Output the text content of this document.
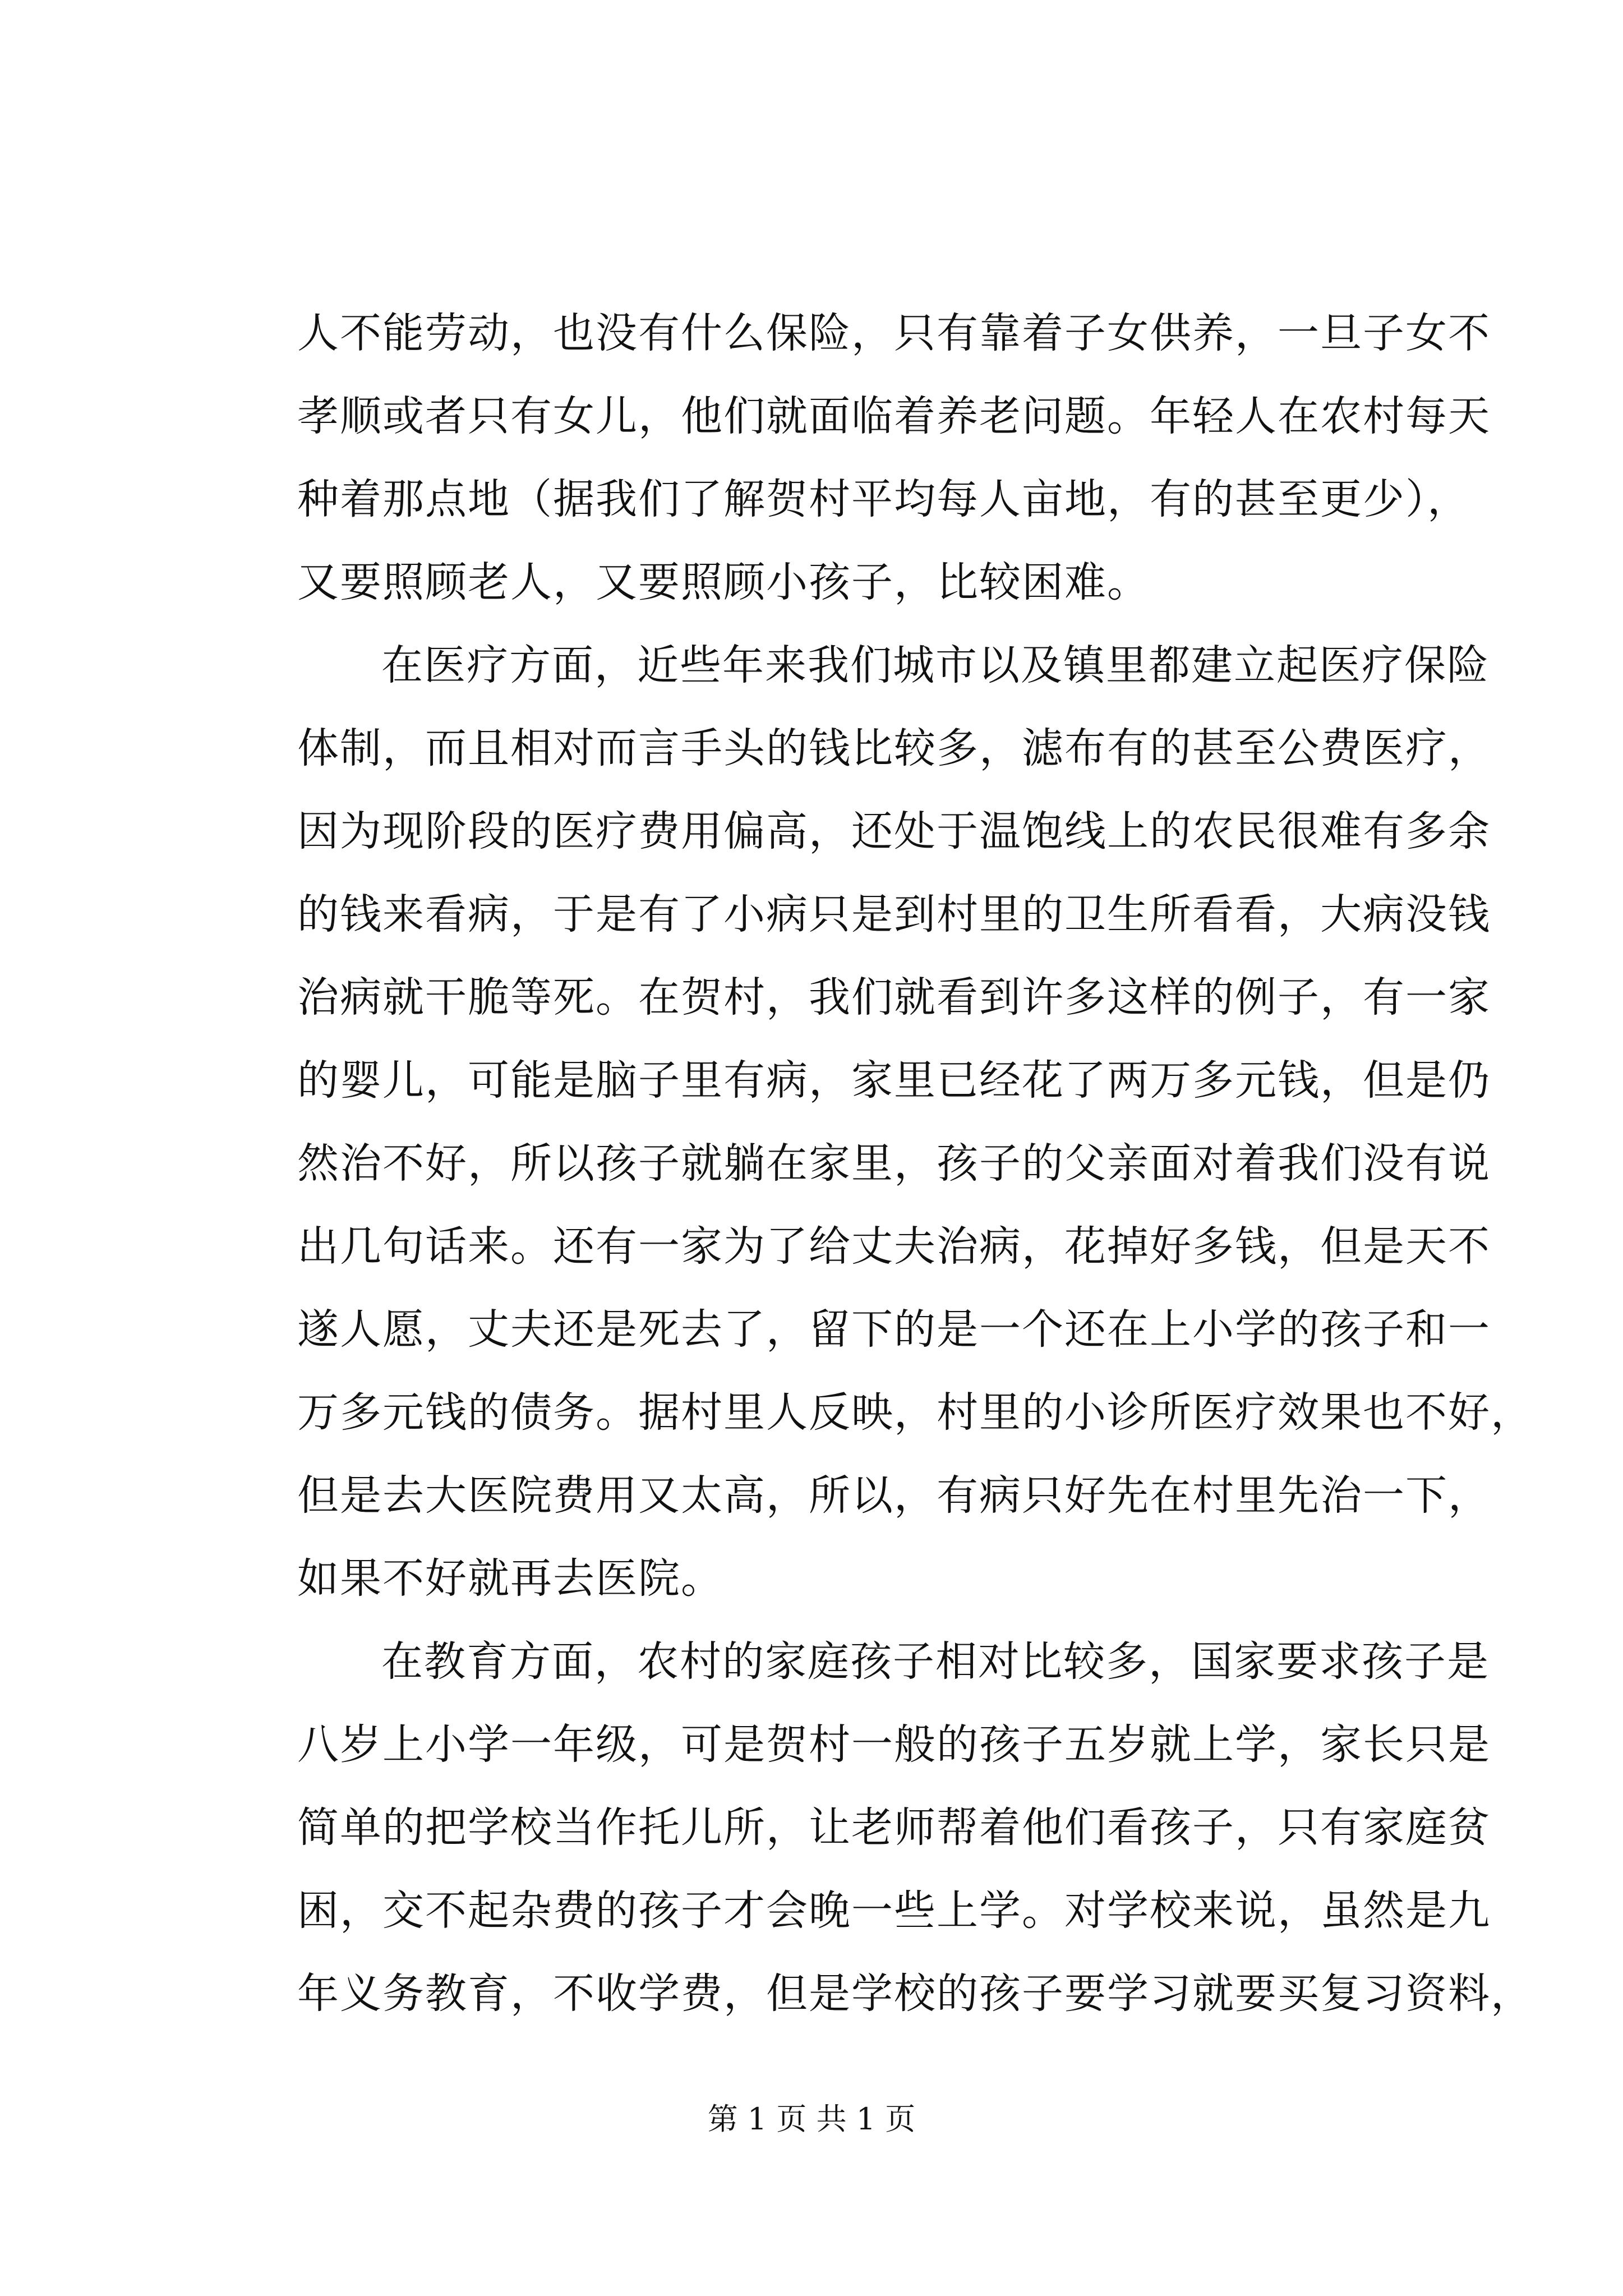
人不能劳动，也没有什么保险，只有靠着子女供养，一旦子女不
孝顺或者只有女儿，他们就面临着养老问题。年轻人在农村每天
种着那点地（据我们了解贺村平均每人亩地，有的甚至更少），
又要照顾老人，又要照顾小孩子，比较困难。
在医疗方面，近些年来我们城市以及镇里都建立起医疗保险
体制，而且相对而言手头的钱比较多，滤布有的甚至公费医疗，
因为现阶段的医疗费用偏高，还处于温饱线上的农民很难有多余
的钱来看病，于是有了小病只是到村里的卫生所看看，大病没钱
治病就干脆等死。在贺村，我们就看到许多这样的例子，有一家
的婴儿，可能是脑子里有病，家里已经花了两万多元钱，但是仍
然治不好，所以孩子就躺在家里，孩子的父亲面对着我们没有说
出几句话来。还有一家为了给丈夫治病，花掉好多钱，但是天不
遂人愿，丈夫还是死去了，留下的是一个还在上小学的孩子和一
万多元钱的债务。据村里人反映，村里的小诊所医疗效果也不好，
但是去大医院费用又太高，所以，有病只好先在村里先治一下，
如果不好就再去医院。
在教育方面，农村的家庭孩子相对比较多，国家要求孩子是
八岁上小学一年级，可是贺村一般的孩子五岁就上学，家长只是
简单的把学校当作托儿所，让老师帮着他们看孩子，只有家庭贫
困，交不起杂费的孩子才会晚一些上学。对学校来说，虽然是九
年义务教育，不收学费，但是学校的孩子要学习就要买复习资料，
第 1 页 共 1 页
